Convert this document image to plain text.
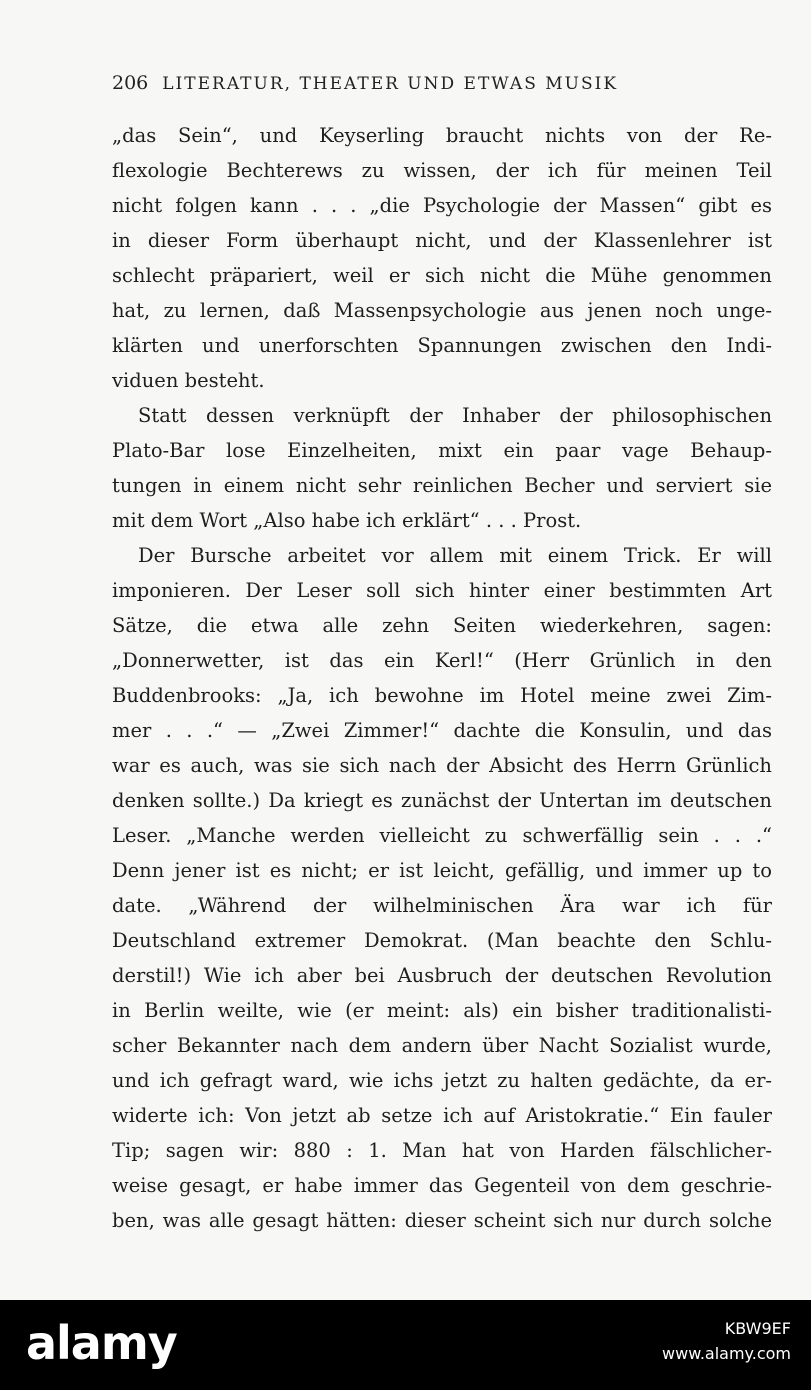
206 LITERATUR, THEATER UND ETWAS MUSIK
„das Sein“, und Keyserling braucht nichts von der Re-
flexologie Bechterews zu wissen, der ich für meinen Teil
nicht folgen kann . . . „die Psychologie der Massen“ gibt es
in dieser Form überhaupt nicht, und der Klassenlehrer ist
schlecht präpariert, weil er sich nicht die Mühe genommen
hat, zu lernen, daß Massenpsychologie aus jenen noch unge-
klärten und unerforschten Spannungen zwischen den Indi-
viduen besteht.
Statt dessen verknüpft der Inhaber der philosophischen
Plato-Bar lose Einzelheiten, mixt ein paar vage Behaup-
tungen in einem nicht sehr reinlichen Becher und serviert sie
mit dem Wort „Also habe ich erklärt“ . . . Prost.
Der Bursche arbeitet vor allem mit einem Trick. Er will
imponieren. Der Leser soll sich hinter einer bestimmten Art
Sätze, die etwa alle zehn Seiten wiederkehren, sagen:
„Donnerwetter, ist das ein Kerl!“ (Herr Grünlich in den
Buddenbrooks: „Ja, ich bewohne im Hotel meine zwei Zim-
mer . . .“ — „Zwei Zimmer!“ dachte die Konsulin, und das
war es auch, was sie sich nach der Absicht des Herrn Grünlich
denken sollte.) Da kriegt es zunächst der Untertan im deutschen
Leser. „Manche werden vielleicht zu schwerfällig sein . . .“
Denn jener ist es nicht; er ist leicht, gefällig, und immer up to
date. „Während der wilhelminischen Ära war ich für
Deutschland extremer Demokrat. (Man beachte den Schlu-
derstil!) Wie ich aber bei Ausbruch der deutschen Revolution
in Berlin weilte, wie (er meint: als) ein bisher traditionalisti-
scher Bekannter nach dem andern über Nacht Sozialist wurde,
und ich gefragt ward, wie ichs jetzt zu halten gedächte, da er-
widerte ich: Von jetzt ab setze ich auf Aristokratie.“ Ein fauler
Tip; sagen wir: 880 : 1. Man hat von Harden fälschlicher-
weise gesagt, er habe immer das Gegenteil von dem geschrie-
ben, was alle gesagt hätten: dieser scheint sich nur durch solche
alamy	KBW9EF
www.alamy.com
